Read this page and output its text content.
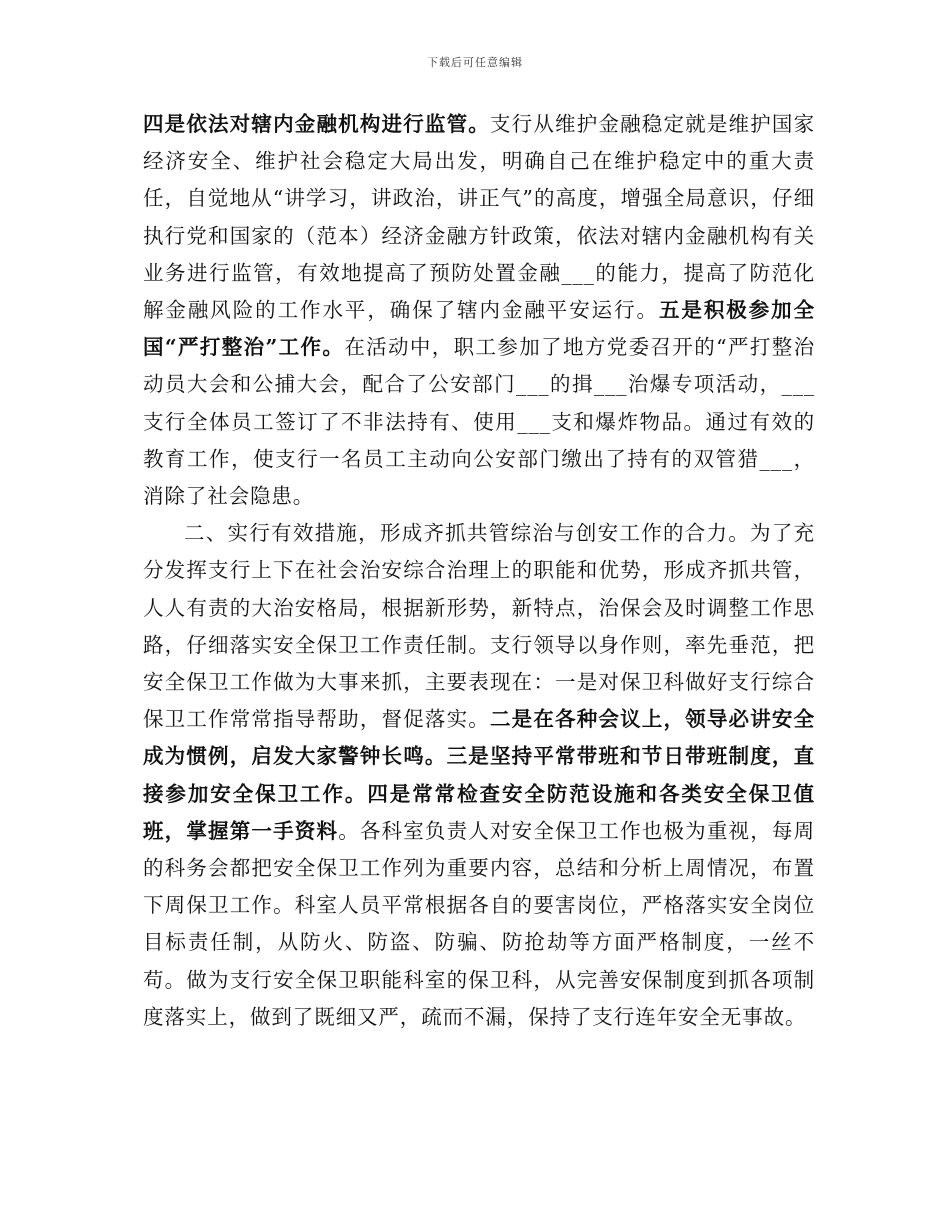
下载后可任意编辑

四是依法对辖内金融机构进行监管。支行从维护金融稳定就是维护国家经济安全、维护社会稳定大局出发，明确自己在维护稳定中的重大责任，自觉地从“讲学习，讲政治，讲正气”的高度，增强全局意识，仔细执行党和国家的（范本）经济金融方针政策，依法对辖内金融机构有关业务进行监管，有效地提高了预防处置金融___的能力，提高了防范化解金融风险的工作水平，确保了辖内金融平安运行。五是积极参加全国“严打整治”工作。在活动中，职工参加了地方党委召开的“严打整治动员大会和公捕大会，配合了公安部门___的揖___治爆专项活动，___支行全体员工签订了不非法持有、使用___支和爆炸物品。通过有效的教育工作，使支行一名员工主动向公安部门缴出了持有的双管猎___，消除了社会隐患。

二、实行有效措施，形成齐抓共管综治与创安工作的合力。为了充分发挥支行上下在社会治安综合治理上的职能和优势，形成齐抓共管，人人有责的大治安格局，根据新形势，新特点，治保会及时调整工作思路，仔细落实安全保卫工作责任制。支行领导以身作则，率先垂范，把安全保卫工作做为大事来抓，主要表现在：一是对保卫科做好支行综合保卫工作常常指导帮助，督促落实。二是在各种会议上，领导必讲安全成为惯例，启发大家警钟长鸣。三是坚持平常带班和节日带班制度，直接参加安全保卫工作。四是常常检查安全防范设施和各类安全保卫值班，掌握第一手资料。各科室负责人对安全保卫工作也极为重视，每周的科务会都把安全保卫工作列为重要内容，总结和分析上周情况，布置下周保卫工作。科室人员平常根据各自的要害岗位，严格落实安全岗位目标责任制，从防火、防盗、防骗、防抢劫等方面严格制度，一丝不苟。做为支行安全保卫职能科室的保卫科，从完善安保制度到抓各项制度落实上，做到了既细又严，疏而不漏，保持了支行连年安全无事故。
